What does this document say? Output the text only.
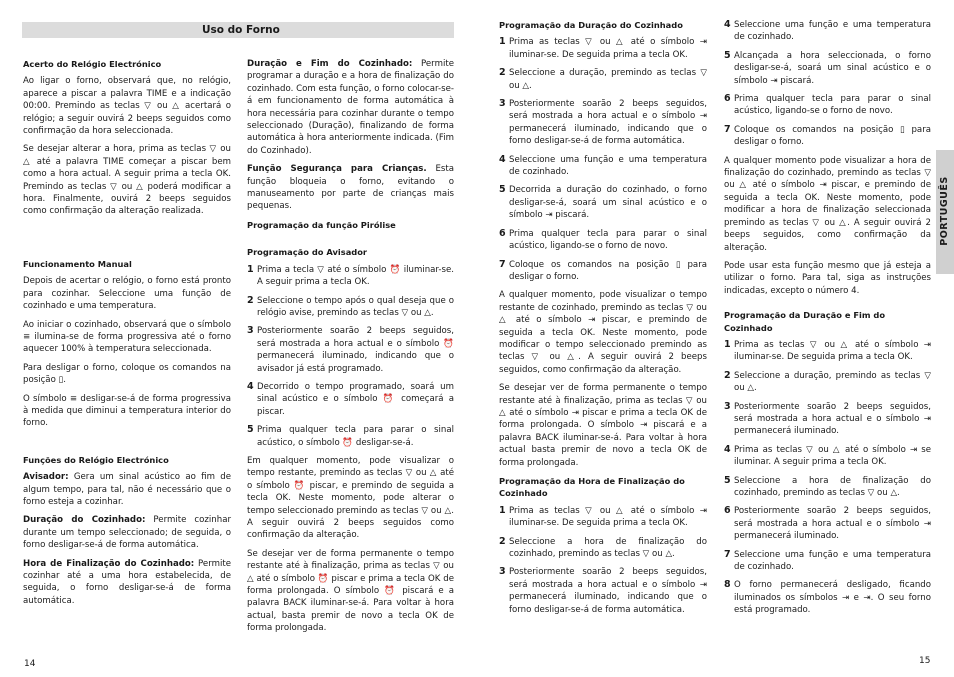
Uso do Forno
PORTUGUÊS
14	15
Acerto do Relógio Electrónico

Ao ligar o forno, observará que, no relógio, aparece a piscar a palavra TIME e a indicação 00:00. Premindo as teclas ▽ ou △ acertará o relógio; a seguir ouvirá 2 beeps seguidos como confirmação da hora seleccionada.

Se desejar alterar a hora, prima as teclas ▽ ou △ até a palavra TIME começar a piscar bem como a hora actual. A seguir prima a tecla OK. Premindo as teclas ▽ ou △ poderá modificar a hora. Finalmente, ouvirá 2 beeps seguidos como confirmação da alteração realizada.

Funcionamento Manual

Depois de acertar o relógio, o forno está pronto para cozinhar. Seleccione uma função de cozinhado e uma temperatura.

Ao iniciar o cozinhado, observará que o símbolo ≡ ilumina-se de forma progressiva até o forno aquecer 100% à temperatura seleccionada.

Para desligar o forno, coloque os comandos na posição ▯.

O símbolo ≡ desligar-se-á de forma progressiva à medida que diminui a temperatura interior do forno.

Funções do Relógio Electrónico

Avisador: Gera um sinal acústico ao fim de algum tempo, para tal, não é necessário que o forno esteja a cozinhar.

Duração do Cozinhado: Permite cozinhar durante um tempo seleccionado; de seguida, o forno desligar-se-á de forma automática.

Hora de Finalização do Cozinhado: Permite cozinhar até a uma hora estabelecida, de seguida, o forno desligar-se-á de forma automática.

Duração e Fim do Cozinhado: Permite programar a duração e a hora de finalização do cozinhado. Com esta função, o forno colocar-se-á em funcionamento de forma automática à hora necessária para cozinhar durante o tempo seleccionado (Duração), finalizando de forma automática à hora anteriormente indicada. (Fim do Cozinhado).

Função Segurança para Crianças. Esta função bloqueia o forno, evitando o manuseamento por parte de crianças mais pequenas.

Programação da função Pirólise
Programação do Avisador
1 Prima a tecla ▽ até o símbolo ⏰ iluminar-se. A seguir prima a tecla OK.
2 Seleccione o tempo após o qual deseja que o relógio avise, premindo as teclas ▽ ou △.
3 Posteriormente soarão 2 beeps seguidos, será mostrada a hora actual e o símbolo ⏰ permanecerá iluminado, indicando que o avisador já está programado.
4 Decorrido o tempo programado, soará um sinal acústico e o símbolo ⏰ começará a piscar.
5 Prima qualquer tecla para parar o sinal acústico, o símbolo ⏰ desligar-se-á.

Em qualquer momento, pode visualizar o tempo restante, premindo as teclas ▽ ou △ até o símbolo ⏰ piscar, e premindo de seguida a tecla OK. Neste momento, pode alterar o tempo seleccionado premindo as teclas ▽ ou △. A seguir ouvirá 2 beeps seguidos como confirmação da alteração.

Se desejar ver de forma permanente o tempo restante até à finalização, prima as teclas ▽ ou △ até o símbolo ⏰ piscar e prima a tecla OK de forma prolongada. O símbolo ⏰ piscará e a palavra BACK iluminar-se-á. Para voltar à hora actual, basta premir de novo a tecla OK de forma prolongada.

Programação da Duração do Cozinhado
1 Prima as teclas ▽ ou △ até o símbolo ⇥ iluminar-se. De seguida prima a tecla OK.
2 Seleccione a duração, premindo as teclas ▽ ou △.
3 Posteriormente soarão 2 beeps seguidos, será mostrada a hora actual e o símbolo ⇥ permanecerá iluminado, indicando que o forno desligar-se-á de forma automática.
4 Seleccione uma função e uma temperatura de cozinhado.
5 Decorrida a duração do cozinhado, o forno desligar-se-á, soará um sinal acústico e o símbolo ⇥ piscará.
6 Prima qualquer tecla para parar o sinal acústico, ligando-se o forno de novo.
7 Coloque os comandos na posição ▯ para desligar o forno.

A qualquer momento, pode visualizar o tempo restante de cozinhado, premindo as teclas ▽ ou △ até o símbolo ⇥ piscar, e premindo de seguida a tecla OK. Neste momento, pode modificar o tempo seleccionado premindo as teclas ▽ ou △. A seguir ouvirá 2 beeps seguidos, como confirmação da alteração.

Se desejar ver de forma permanente o tempo restante até à finalização, prima as teclas ▽ ou △ até o símbolo ⇥ piscar e prima a tecla OK de forma prolongada. O símbolo ⇥ piscará e a palavra BACK iluminar-se-á. Para voltar à hora actual basta premir de novo a tecla OK de forma prolongada.

Programação da Hora de Finalização do Cozinhado
1 Prima as teclas ▽ ou △ até o símbolo ⇥ iluminar-se. De seguida prima a tecla OK.
2 Seleccione a hora de finalização do cozinhado, premindo as teclas ▽ ou △.
3 Posteriormente soarão 2 beeps seguidos, será mostrada a hora actual e o símbolo ⇥ permanecerá iluminado, indicando que o forno desligar-se-á de forma automática.
4 Seleccione uma função e uma temperatura de cozinhado.
5 Alcançada a hora seleccionada, o forno desligar-se-á, soará um sinal acústico e o símbolo ⇥ piscará.
6 Prima qualquer tecla para parar o sinal acústico, ligando-se o forno de novo.
7 Coloque os comandos na posição ▯ para desligar o forno.

A qualquer momento pode visualizar a hora de finalização do cozinhado, premindo as teclas ▽ ou △ até o símbolo ⇥ piscar, e premindo de seguida a tecla OK. Neste momento, pode modificar a hora de finalização seleccionada premindo as teclas ▽ ou △. A seguir ouvirá 2 beeps seguidos, como confirmação da alteração.

Pode usar esta função mesmo que já esteja a utilizar o forno. Para tal, siga as instruções indicadas, excepto o número 4.

Programação da Duração e Fim do Cozinhado
1 Prima as teclas ▽ ou △ até o símbolo ⇥ iluminar-se. De seguida prima a tecla OK.
2 Seleccione a duração, premindo as teclas ▽ ou △.
3 Posteriormente soarão 2 beeps seguidos, será mostrada a hora actual e o símbolo ⇥ permanecerá iluminado.
4 Prima as teclas ▽ ou △ até o símbolo ⇥ se iluminar. A seguir prima a tecla OK.
5 Seleccione a hora de finalização do cozinhado, premindo as teclas ▽ ou △.
6 Posteriormente soarão 2 beeps seguidos, será mostrada a hora actual e o símbolo ⇥ permanecerá iluminado.
7 Seleccione uma função e uma temperatura de cozinhado.
8 O forno permanecerá desligado, ficando iluminados os símbolos ⇥ e ⇥. O seu forno está programado.
